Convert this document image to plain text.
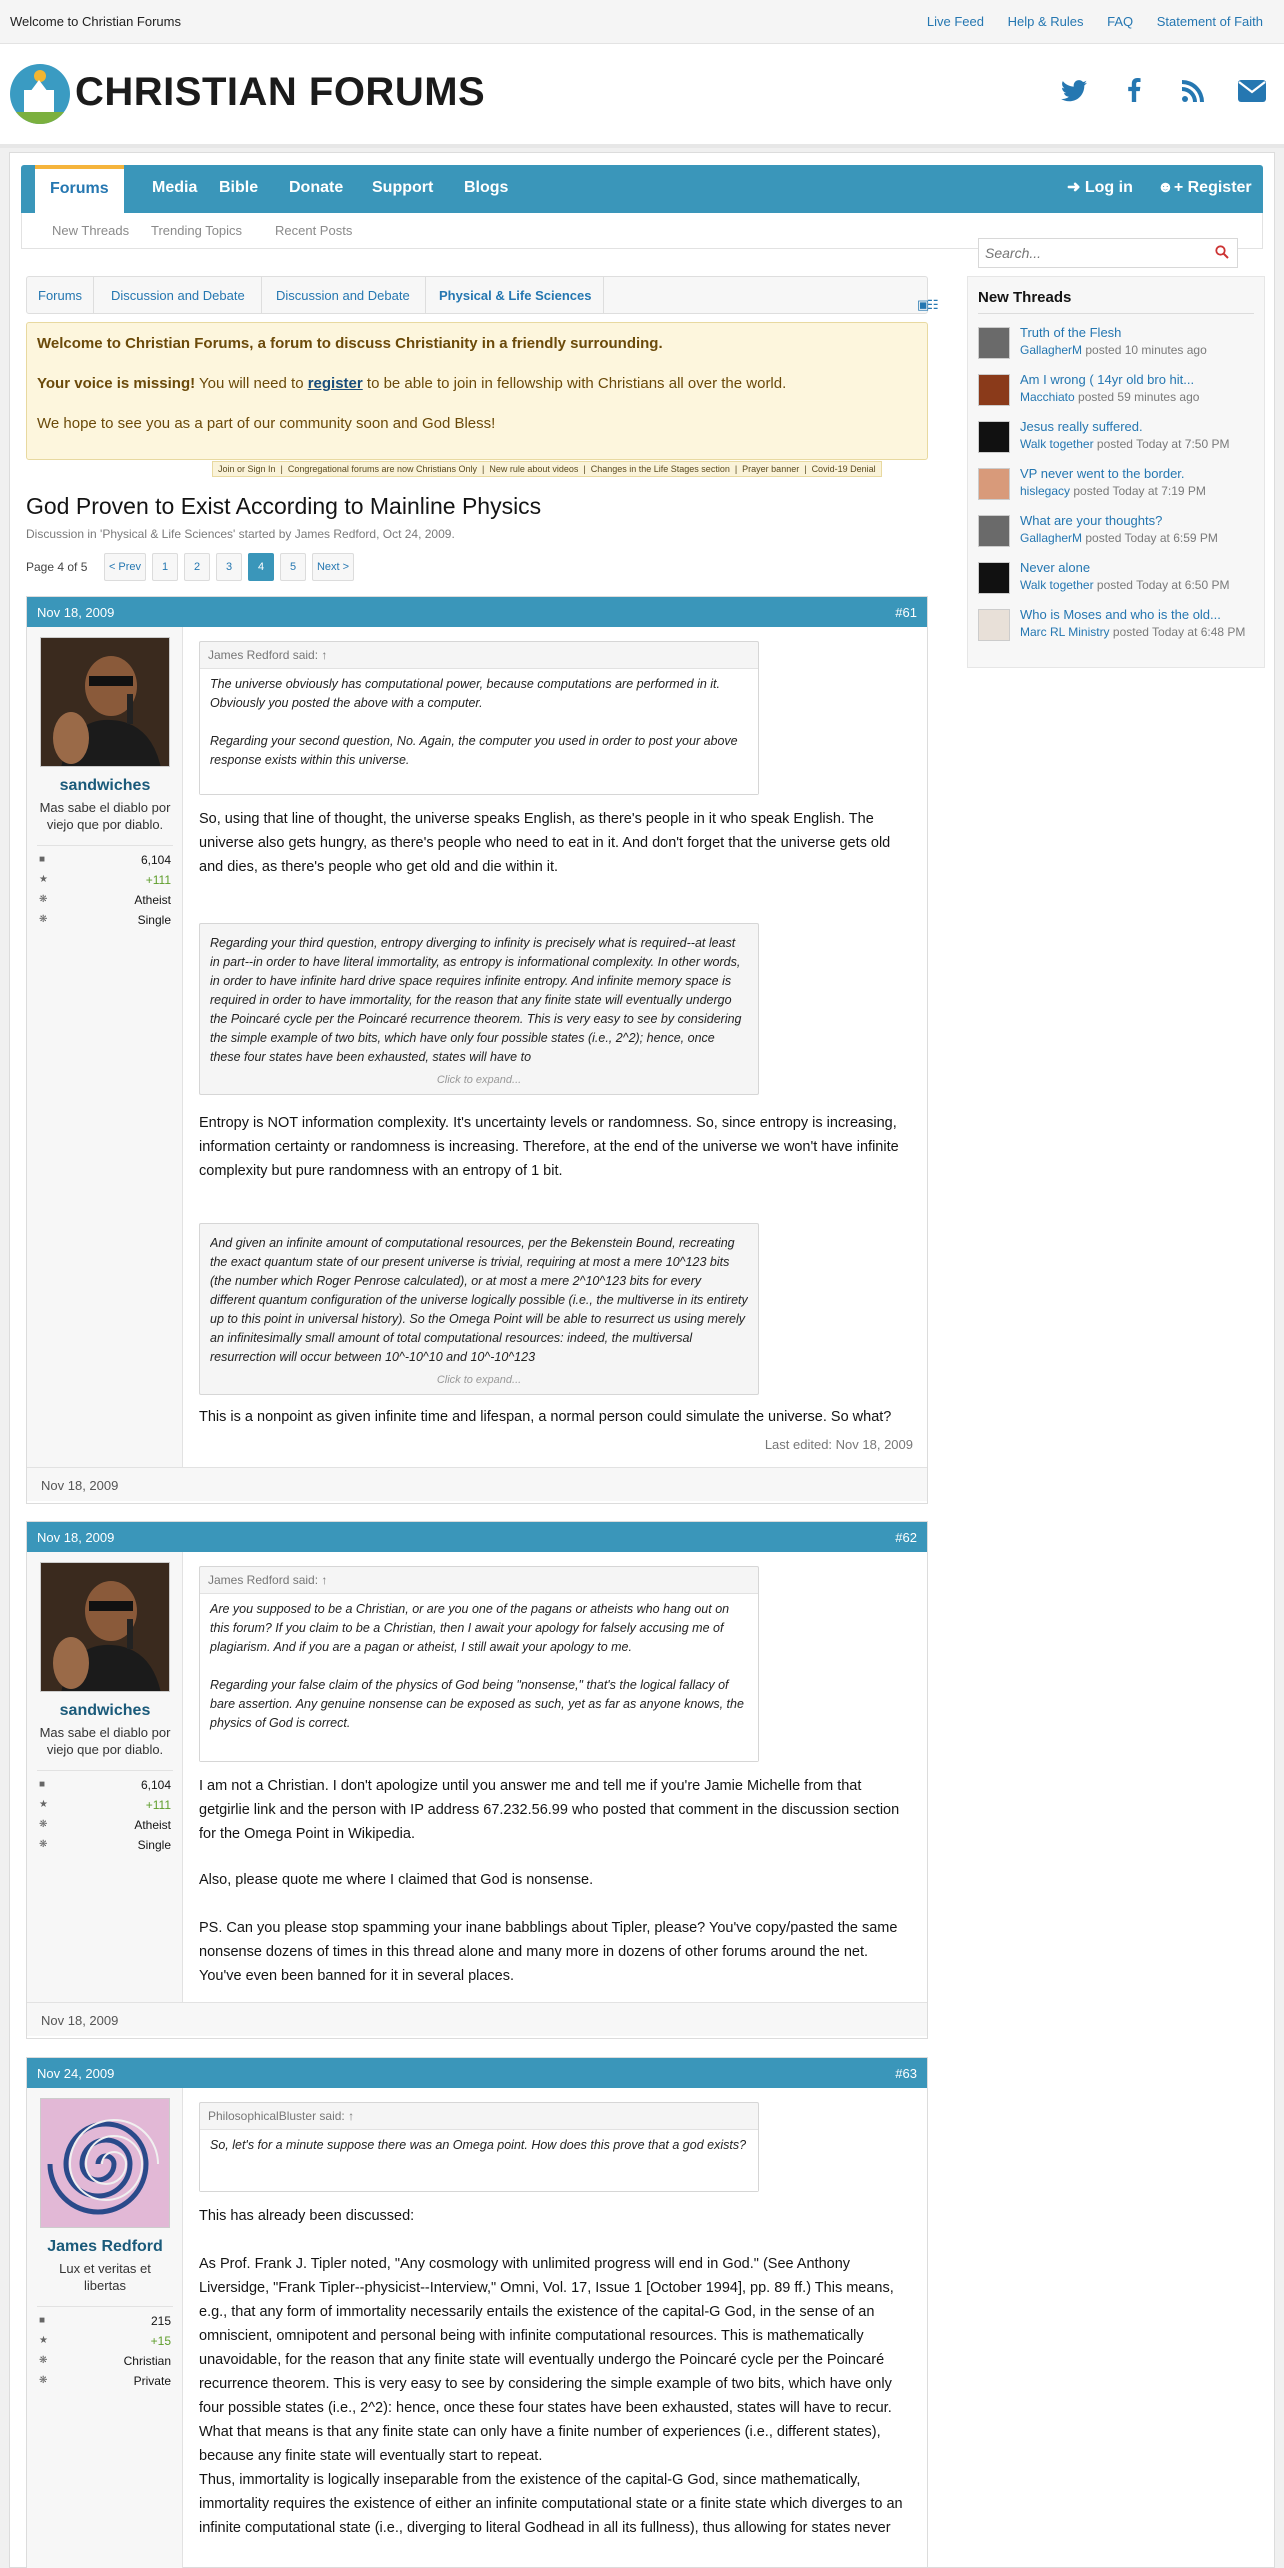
Welcome to Christian Forums	Live Feed Help & Rules FAQ Statement of Faith
CHRISTIAN FORUMS

Forums	Media Bible Donate Support Blogs	➜ Log in ☻+ Register
New Threads Trending Topics	Recent Posts
Search...
Forums Discussion and Debate Discussion and Debate Physical & Life Sciences
▣
☷

Welcome to Christian Forums, a forum to discuss Christianity in a friendly surrounding.

Your voice is missing! You will need to register to be able to join in fellowship with Christians all over the world.

We hope to see you as a part of our community soon and God Bless!

Join or Sign In | Congregational forums are now Christians Only | New rule about videos | Changes in the Life Stages section | Prayer banner | Covid-19 Denial
God Proven to Exist According to Mainline Physics
Discussion in 'Physical & Life Sciences' started by James Redford, Oct 24, 2009.
Page 4 of 5	< Prev	1	2	3	4	5	Next >
Nov 18, 2009	#61
sandwiches
Mas sabe el diablo por viejo que por diablo.
■	6,104
★	+111
❋	Atheist
❋	Single
James Redford said: ↑
The universe obviously has computational power, because computations are performed in it. Obviously you posted the above with a computer.
Regarding your second question, No. Again, the computer you used in order to post your above response exists within this universe.
So, using that line of thought, the universe speaks English, as there's people in it who speak English. The universe also gets hungry, as there's people who need to eat in it. And don't forget that the universe gets old and dies, as there's people who get old and die within it.
Regarding your third question, entropy diverging to infinity is precisely what is required--at least in part--in order to have literal immortality, as entropy is informational complexity. In other words, in order to have infinite hard drive space requires infinite entropy. And infinite memory space is required in order to have immortality, for the reason that any finite state will eventually undergo the Poincaré cycle per the Poincaré recurrence theorem. This is very easy to see by considering the simple example of two bits, which have only four possible states (i.e., 2^2); hence, once these four states have been exhausted, states will have to
Click to expand...
Entropy is NOT information complexity. It's uncertainty levels or randomness. So, since entropy is increasing, information certainty or randomness is increasing. Therefore, at the end of the universe we won't have infinite complexity but pure randomness with an entropy of 1 bit.
And given an infinite amount of computational resources, per the Bekenstein Bound, recreating the exact quantum state of our present universe is trivial, requiring at most a mere 10^123 bits (the number which Roger Penrose calculated), or at most a mere 2^10^123 bits for every different quantum configuration of the universe logically possible (i.e., the multiverse in its entirety up to this point in universal history). So the Omega Point will be able to resurrect us using merely an infinitesimally small amount of total computational resources: indeed, the multiversal resurrection will occur between 10^-10^10 and 10^-10^123
Click to expand...
This is a nonpoint as given infinite time and lifespan, a normal person could simulate the universe. So what?
Last edited: Nov 18, 2009
Nov 18, 2009
Nov 18, 2009	#62
sandwiches
Mas sabe el diablo por viejo que por diablo.
■	6,104
★	+111
❋	Atheist
❋	Single
James Redford said: ↑
Are you supposed to be a Christian, or are you one of the pagans or atheists who hang out on this forum? If you claim to be a Christian, then I await your apology for falsely accusing me of plagiarism. And if you are a pagan or atheist, I still await your apology to me.
Regarding your false claim of the physics of God being "nonsense," that's the logical fallacy of bare assertion. Any genuine nonsense can be exposed as such, yet as far as anyone knows, the physics of God is correct.
I am not a Christian. I don't apologize until you answer me and tell me if you're Jamie Michelle from that getgirlie link and the person with IP address 67.232.56.99 who posted that comment in the discussion section for the Omega Point in Wikipedia.
Also, please quote me where I claimed that God is nonsense.
PS. Can you please stop spamming your inane babblings about Tipler, please? You've copy/pasted the same nonsense dozens of times in this thread alone and many more in dozens of other forums around the net. You've even been banned for it in several places.
Nov 18, 2009
Nov 24, 2009	#63
James Redford
Lux et veritas et libertas
■	215
★	+15
❋	Christian
❋	Private
PhilosophicalBluster said: ↑
So, let's for a minute suppose there was an Omega point. How does this prove that a god exists?
This has already been discussed:
As Prof. Frank J. Tipler noted, "Any cosmology with unlimited progress will end in God." (See Anthony Liversidge, "Frank Tipler--physicist--Interview," Omni, Vol. 17, Issue 1 [October 1994], pp. 89 ff.) This means, e.g., that any form of immortality necessarily entails the existence of the capital-G God, in the sense of an omniscient, omnipotent and personal being with infinite computational resources. This is mathematically unavoidable, for the reason that any finite state will eventually undergo the Poincaré cycle per the Poincaré recurrence theorem. This is very easy to see by considering the simple example of two bits, which have only four possible states (i.e., 2^2): hence, once these four states have been exhausted, states will have to recur. What that means is that any finite state can only have a finite number of experiences (i.e., different states), because any finite state will eventually start to repeat.
Thus, immortality is logically inseparable from the existence of the capital-G God, since mathematically, immortality requires the existence of either an infinite computational state or a finite state which diverges to an infinite computational state (i.e., diverging to literal Godhead in all its fullness), thus allowing for states never
New Threads
Truth of the Flesh
GallagherM posted 10 minutes ago
Am I wrong ( 14yr old bro hit...
Macchiato posted 59 minutes ago
Jesus really suffered.
Walk together posted Today at 7:50 PM
VP never went to the border.
hislegacy posted Today at 7:19 PM
What are your thoughts?
GallagherM posted Today at 6:59 PM
Never alone
Walk together posted Today at 6:50 PM
Who is Moses and who is the old...
Marc RL Ministry posted Today at 6:48 PM
